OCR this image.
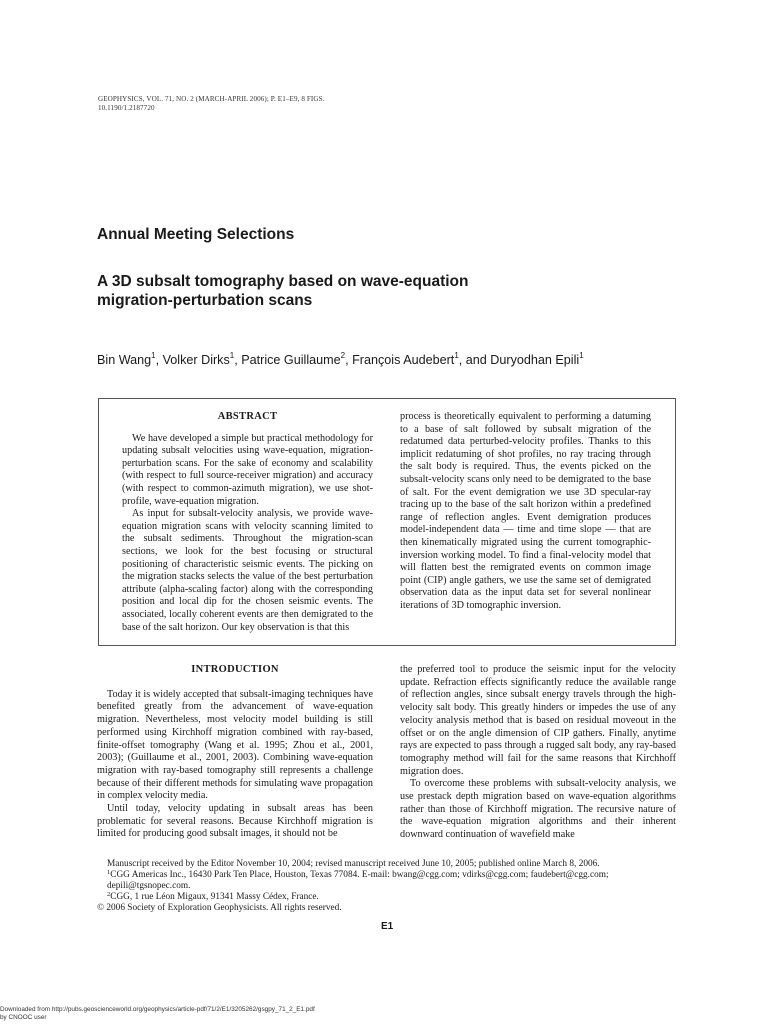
GEOPHYSICS, VOL. 71, NO. 2 (MARCH-APRIL 2006); P. E1–E9, 8 FIGS.
10.1190/1.2187720
Annual Meeting Selections
A 3D subsalt tomography based on wave-equation migration-perturbation scans
Bin Wang$^1$, Volker Dirks$^1$, Patrice Guillaume$^2$, François Audebert$^1$, and Duryodhan Epili$^1$
ABSTRACT

We have developed a simple but practical methodology for updating subsalt velocities using wave-equation, migration-perturbation scans. For the sake of economy and scalability (with respect to full source-receiver migration) and accuracy (with respect to common-azimuth migration), we use shot-profile, wave-equation migration.

As input for subsalt-velocity analysis, we provide wave-equation migration scans with velocity scanning limited to the subsalt sediments. Throughout the migration-scan sections, we look for the best focusing or structural positioning of characteristic seismic events. The picking on the migration stacks selects the value of the best perturbation attribute (alpha-scaling factor) along with the corresponding position and local dip for the chosen seismic events. The associated, locally coherent events are then demigrated to the base of the salt horizon. Our key observation is that this

process is theoretically equivalent to performing a datuming to a base of salt followed by subsalt migration of the redatumed data perturbed-velocity profiles. Thanks to this implicit redatuming of shot profiles, no ray tracing through the salt body is required. Thus, the events picked on the subsalt-velocity scans only need to be demigrated to the base of salt. For the event demigration we use 3D specular-ray tracing up to the base of the salt horizon within a predefined range of reflection angles. Event demigration produces model-independent data — time and time slope — that are then kinematically migrated using the current tomographic-inversion working model. To find a final-velocity model that will flatten best the remigrated events on common image point (CIP) angle gathers, we use the same set of demigrated observation data as the input data set for several nonlinear iterations of 3D tomographic inversion.

INTRODUCTION

Today it is widely accepted that subsalt-imaging techniques have benefited greatly from the advancement of wave-equation migration. Nevertheless, most velocity model building is still performed using Kirchhoff migration combined with ray-based, finite-offset tomography (Wang et al. 1995; Zhou et al., 2001, 2003); (Guillaume et al., 2001, 2003). Combining wave-equation migration with ray-based tomography still represents a challenge because of their different methods for simulating wave propagation in complex velocity media.

Until today, velocity updating in subsalt areas has been problematic for several reasons. Because Kirchhoff migration is limited for producing good subsalt images, it should not be

the preferred tool to produce the seismic input for the velocity update. Refraction effects significantly reduce the available range of reflection angles, since subsalt energy travels through the high-velocity salt body. This greatly hinders or impedes the use of any velocity analysis method that is based on residual moveout in the offset or on the angle dimension of CIP gathers. Finally, anytime rays are expected to pass through a rugged salt body, any ray-based tomography method will fail for the same reasons that Kirchhoff migration does.

To overcome these problems with subsalt-velocity analysis, we use prestack depth migration based on wave-equation algorithms rather than those of Kirchhoff migration. The recursive nature of the wave-equation migration algorithms and their inherent downward continuation of wavefield make

Manuscript received by the Editor November 10, 2004; revised manuscript received June 10, 2005; published online March 8, 2006.
$^1$CGG Americas Inc., 16430 Park Ten Place, Houston, Texas 77084. E-mail: bwang@cgg.com; vdirks@cgg.com; faudebert@cgg.com; depili@tgsnopec.com.
$^2$CGG, 1 rue Léon Migaux, 91341 Massy Cédex, France.
© 2006 Society of Exploration Geophysicists. All rights reserved.
E1
Downloaded from http://pubs.geoscienceworld.org/geophysics/article-pdf/71/2/E1/3205262/gsgpy_71_2_E1.pdf
by CNOOC user
